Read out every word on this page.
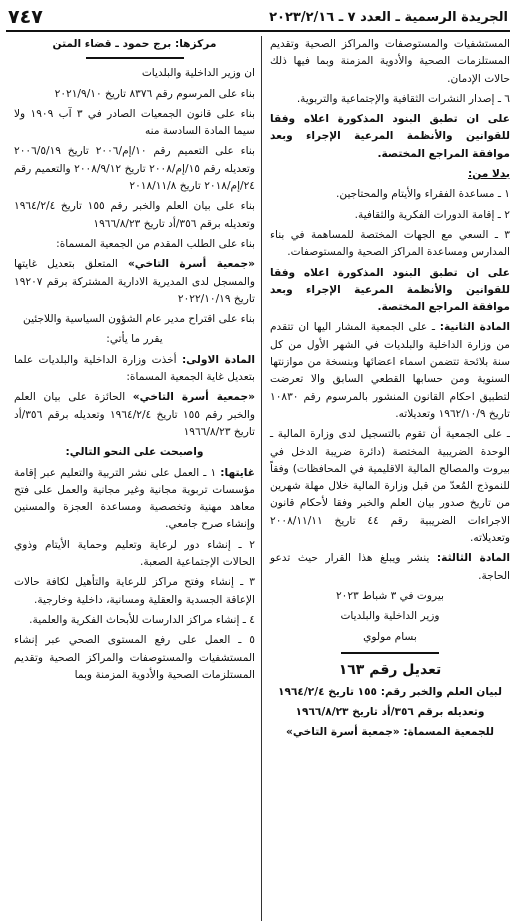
الجريدة الرسمية ـ العدد ٧ ـ ٢٠٢٣/٢/١٦
٧٤٧

المستشفيات والمستوصفات والمراكز الصحية وتقديم المستلزمات الصحية والأدوية المزمنة وبما فيها ذلك حالات الإدمان.

٦ ـ إصدار النشرات الثقافية والإجتماعية والتربوية.

على ان تطبق البنود المذكورة اعلاه وفقا للقوانين والأنظمة المرعية الإجراء وبعد موافقة المراجع المختصة.

بدلا من:

١ ـ مساعدة الفقراء والأيتام والمحتاجين.

٢ ـ إقامة الدورات الفكرية والثقافية.

٣ ـ السعي مع الجهات المختصة للمساهمة في بناء المدارس ومساعدة المراكز الصحية والمستوصفات.

على ان تطبق البنود المذكورة اعلاه وفقا للقوانين والأنظمة المرعية الإجراء وبعد موافقة المراجع المختصة.

المادة الثانية: ـ على الجمعية المشار اليها ان تتقدم من وزارة الداخلية والبلديات في الشهر الأول من كل سنة بلائحة تتضمن اسماء اعضائها وبنسخة من موازنتها السنوية ومن حسابها القطعي السابق والا تعرضت لتطبيق احكام القانون المنشور بالمرسوم رقم ١٠٨٣٠ تاريخ ١٩٦٢/١٠/٩ وتعديلاته.

ـ على الجمعية أن تقوم بالتسجيل لدى وزارة المالية ـ الوحدة الضريبية المختصة (دائرة ضريبة الدخل في بيروت والمصالح المالية الاقليمية في المحافظات) وفقاً للنموذج المُعدّ من قبل وزارة المالية خلال مهلة شهرين من تاريخ صدور بيان العلم والخبر وفقا لأحكام قانون الاجراءات الضريبية رقم ٤٤ تاريخ ٢٠٠٨/١١/١١ وتعديلاته.

المادة الثالثة: ينشر ويبلغ هذا القرار حيث تدعو الحاجة.

بيروت في ٣ شباط ٢٠٢٣

وزير الداخلية والبلديات

بسام مولوي

تعديل رقم ١٦٣

لبيان العلم والخبر رقم: ١٥٥ تاريخ ١٩٦٤/٢/٤

وتعديله برقم ٣٥٦/أد تاريخ ١٩٦٦/٨/٢٣

للجمعية المسماة: «جمعية أسرة التاخي»

مركزها: برج حمود ـ قضاء المتن

ان وزير الداخلية والبلديات

بناء على المرسوم رقم ٨٣٧٦ تاريخ ٢٠٢١/٩/١٠

بناء على قانون الجمعيات الصادر في ٣ آب ١٩٠٩ ولا سيما المادة السادسة منه

بناء على التعميم رقم ١٠/إم/٢٠٠٦ تاريخ ٢٠٠٦/٥/١٩ وتعديله رقم ١٥/إم/٢٠٠٨ تاريخ ٢٠٠٨/٩/١٢ والتعميم رقم ٢٤/إم/٢٠١٨ تاريخ ٢٠١٨/١١/٨

بناء على بيان العلم والخبر رقم ١٥٥ تاريخ ١٩٦٤/٢/٤ وتعديله برقم ٣٥٦/أد تاريخ ١٩٦٦/٨/٢٣

بناء على الطلب المقدم من الجمعية المسماة:

«جمعية أسرة التاخي» المتعلق بتعديل غايتها والمسجل لدى المديرية الادارية المشتركة برقم ١٩٢٠٧ تاريخ ٢٠٢٢/١٠/١٩

بناء على اقتراح مدير عام الشؤون السياسية واللاجئين

يقرر ما يأتي:

المادة الاولى: أخذت وزارة الداخلية والبلديات علما بتعديل غاية الجمعية المسماة:

«جمعية أسرة التاخي» الحائزة على بيان العلم والخبر رقم ١٥٥ تاريخ ١٩٦٤/٢/٤ وتعديله برقم ٣٥٦/أد تاريخ ١٩٦٦/٨/٢٣

واصبحت على النحو التالي:

غايتها: ١ ـ العمل على نشر التربية والتعليم عبر إقامة مؤسسات تربوية مجانية وغير مجانية والعمل على فتح معاهد مهنية وتخصصية ومساعدة العجزة والمسنين وإنشاء صرح جامعي.

٢ ـ إنشاء دور لرعاية وتعليم وحماية الأيتام وذوي الحالات الإجتماعية الصعبة.

٣ ـ إنشاء وفتح مراكز للرعاية والتأهيل لكافة حالات الإعاقة الجسدية والعقلية ومسانية، داخلية وخارجية.

٤ ـ إنشاء مراكز الدارسات للأبحاث الفكرية والعلمية.

٥ ـ العمل على رفع المستوى الصحي عبر إنشاء المستشفيات والمستوصفات والمراكز الصحية وتقديم المستلزمات الصحية والأدوية المزمنة وبما
